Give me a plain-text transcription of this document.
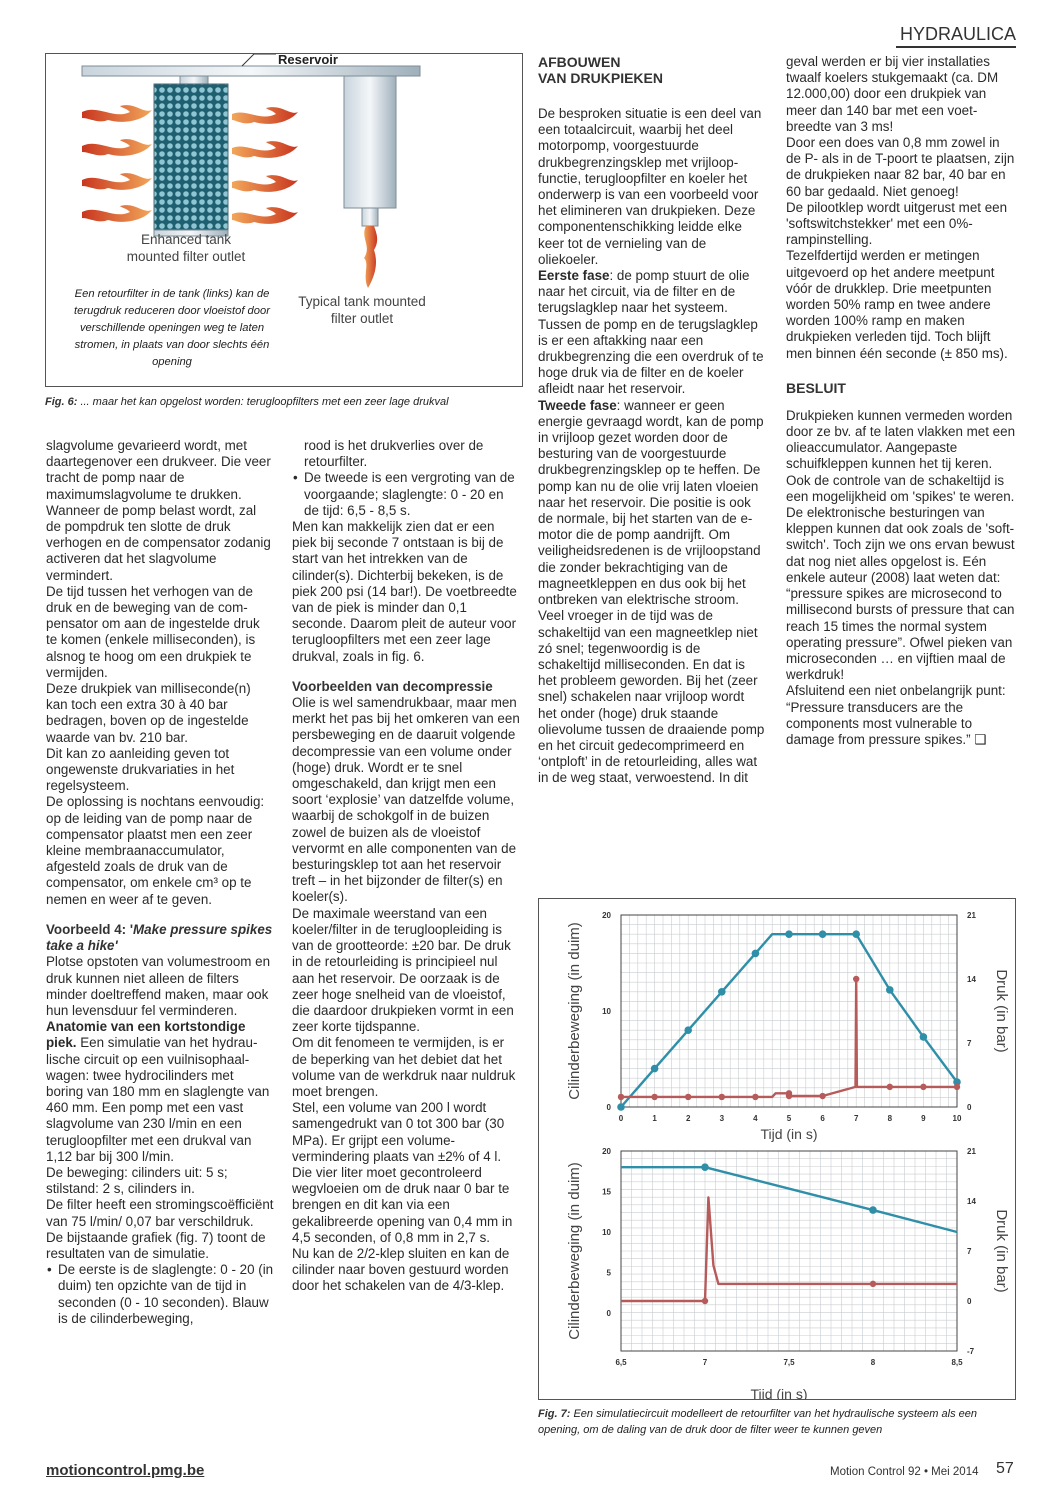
HYDRAULICA
Reservoir
Enhanced tank
mounted filter outlet
Typical tank mounted
filter outlet
Een retourfilter in de tank (links) kan de
terugdruk reduceren door vloeistof door
verschillende openingen weg te laten
stromen, in plaats van door slechts één
opening
Fig. 6: ... maar het kan opgelost worden: terugloopfilters met een zeer lage drukval

slagvolume gevarieerd wordt, met daartegenover een drukveer. Die veer tracht de pomp naar de maximumslagvolume te drukken. Wanneer de pomp belast wordt, zal de pompdruk ten slotte de druk verhogen en de compensator zodanig activeren dat het slagvolume vermindert.

De tijd tussen het verhogen van de druk en de beweging van de compensator om aan de ingestelde druk te komen (enkele milliseconden), is alsnog te hoog om een drukpiek te vermijden.

Deze drukpiek van milliseconde(n) kan toch een extra 30 à 40 bar bedragen, boven op de ingestelde waarde van bv. 210 bar.

Dit kan zo aanleiding geven tot ongewenste drukvariaties in het regelsysteem.

De oplossing is nochtans eenvoudig: op de leiding van de pomp naar de compensator plaatst men een zeer kleine membraanaccumulator, afgesteld zoals de druk van de compensator, om enkele cm³ op te nemen en weer af te geven.

Voorbeeld 4: 'Make pressure spikes take a hike'

Plotse opstoten van volumestroom en druk kunnen niet alleen de filters minder doeltreffend maken, maar ook hun levensduur fel verminderen.

Anatomie van een kortstondige piek. Een simulatie van het hydraulische circuit op een vuilnisophaalwagen: twee hydrocilinders met boring van 180 mm en slaglengte van 460 mm. Een pomp met een vast slagvolume van 230 l/min en een terugloopfilter met een drukval van 1,12 bar bij 300 l/min.

De beweging: cilinders uit: 5 s; stilstand: 2 s, cilinders in.

De filter heeft een stromingscoëfficiënt van 75 l/min/ 0,07 bar verschildruk.

De bijstaande grafiek (fig. 7) toont de resultaten van de simulatie.

• De eerste is de slaglengte: 0 - 20 (in duim) ten opzichte van de tijd in seconden (0 - 10 seconden). Blauw is de cilinderbeweging,
rood is het drukverlies over de retourfilter.
• De tweede is een vergroting van de voorgaande; slaglengte: 0 - 20 en de tijd: 6,5 - 8,5 s.

Men kan makkelijk zien dat er een piek bij seconde 7 ontstaan is bij de start van het intrekken van de cilinder(s). Dichterbij bekeken, is de piek 200 psi (14 bar!). De voetbreedte van de piek is minder dan 0,1 seconde. Daarom pleit de auteur voor terugloopfilters met een zeer lage drukval, zoals in fig. 6.

Voorbeelden van decompressie

Olie is wel samendrukbaar, maar men merkt het pas bij het omkeren van een persbeweging en de daaruit volgende decompressie van een volume onder (hoge) druk. Wordt er te snel omgeschakeld, dan krijgt men een soort ‘explosie’ van datzelfde volume, waarbij de schokgolf in de buizen zowel de buizen als de vloeistof vervormt en alle componenten van de besturingsklep tot aan het reservoir treft – in het bijzonder de filter(s) en koeler(s).

De maximale weerstand van een koeler/filter in de terugloopleiding is van de grootteorde: ±20 bar. De druk in de retourleiding is principieel nul aan het reservoir. De oorzaak is de zeer hoge snelheid van de vloeistof, die daardoor drukpieken vormt in een zeer korte tijdspanne.

Om dit fenomeen te vermijden, is er de beperking van het debiet dat het volume van de werkdruk naar nuldruk moet brengen.

Stel, een volume van 200 l wordt samengedrukt van 0 tot 300 bar (30 MPa). Er grijpt een volumevermindering plaats van ±2% of 4 l. Die vier liter moet gecontroleerd wegvloeien om de druk naar 0 bar te brengen en dit kan via een gekalibreerde opening van 0,4 mm in 4,5 seconden, of 0,8 mm in 2,7 s.

Nu kan de 2/2-klep sluiten en kan de cilinder naar boven gestuurd worden door het schakelen van de 4/3-klep.

AFBOUWEN
VAN DRUKPIEKEN

De besproken situatie is een deel van een totaalcircuit, waarbij het deel motorpomp, voorgestuurde drukbegrenzingsklep met vrijloopfunctie, terugloopfilter en koeler het onderwerp is van een voorbeeld voor het elimineren van drukpieken. Deze componentenschikking leidde elke keer tot de vernieling van de oliekoeler.

Eerste fase: de pomp stuurt de olie naar het circuit, via de filter en de terugslagklep naar het systeem. Tussen de pomp en de terugslagklep is er een aftakking naar een drukbegrenzing die een overdruk of te hoge druk via de filter en de koeler afleidt naar het reservoir.

Tweede fase: wanneer er geen energie gevraagd wordt, kan de pomp in vrijloop gezet worden door de besturing van de voorgestuurde drukbegrenzingsklep op te heffen. De pomp kan nu de olie vrij laten vloeien naar het reservoir. Die positie is ook de normale, bij het starten van de e-motor die de pomp aandrijft. Om veiligheidsredenen is de vrijloopstand die zonder bekrachtiging van de magneetkleppen en dus ook bij het ontbreken van elektrische stroom.

Veel vroeger in de tijd was de schakeltijd van een magneetklep niet zó snel; tegenwoordig is de schakeltijd milliseconden. En dat is het probleem geworden. Bij het (zeer snel) schakelen naar vrijloop wordt het onder (hoge) druk staande olievolume tussen de draaiende pomp en het circuit gedecomprimeerd en ‘ontploft’ in de retourleiding, alles wat in de weg staat, verwoestend. In dit

geval werden er bij vier installaties twaalf koelers stukgemaakt (ca. DM 12.000,00) door een drukpiek van meer dan 140 bar met een voetbreedte van 3 ms!

Door een does van 0,8 mm zowel in de P- als in de T-poort te plaatsen, zijn de drukpieken naar 82 bar, 40 bar en 60 bar gedaald. Niet genoeg!

De pilootklep wordt uitgerust met een 'softswitchstekker' met een 0%-rampinstelling.

Tezelfdertijd werden er metingen uitgevoerd op het andere meetpunt vóór de drukklep. Drie meetpunten worden 50% ramp en twee andere worden 100% ramp en maken drukpieken verleden tijd. Toch blijft men binnen één seconde (± 850 ms).

BESLUIT

Drukpieken kunnen vermeden worden door ze bv. af te laten vlakken met een olieaccumulator. Aangepaste schuifkleppen kunnen het tij keren. Ook de controle van de schakeltijd is een mogelijkheid om 'spikes' te weren. De elektronische besturingen van kleppen kunnen dat ook zoals de 'soft-switch'. Toch zijn we ons ervan bewust dat nog niet alles opgelost is. Eén enkele auteur (2008) laat weten dat: “pressure spikes are microsecond to millisecond bursts of pressure that can reach 15 times the normal system operating pressure”. Ofwel pieken van microseconden … en vijftien maal de werkdruk!

Afsluitend een niet onbelangrijk punt: “Pressure transducers are the components most vulnerable to damage from pressure spikes.” ❑

0	1	2	3	4	5	6	7	8	9	10
0
10
20
0
7
14
21
Tijd (in s)
Cilinderbeweging (in duim)	Druk (in bar)
6,5	7	7,5	8	8,5
0
5
10
15
20
-7
0
7
14
21
Tijd (in s)
Cilinderbeweging (in duim)	Druk (in bar)
Fig. 7: Een simulatiecircuit modelleert de retourfilter van het hydraulische systeem als een opening, om de daling van de druk door de filter weer te kunnen geven
motioncontrol.pmg.be	Motion Control 92 • Mei 2014 57
